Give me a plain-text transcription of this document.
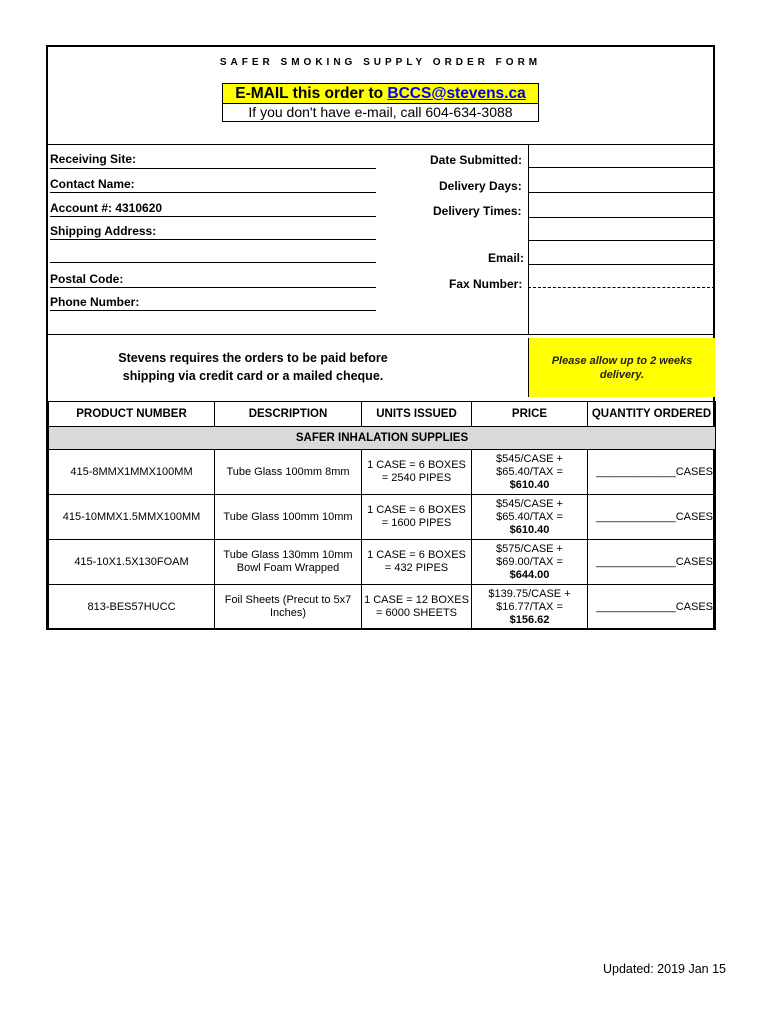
SAFER SMOKING SUPPLY ORDER FORM
E-MAIL this order to BCCS@stevens.ca
If you don't have e-mail, call 604-634-3088
Receiving Site:
Contact Name:
Account #: 4310620
Shipping Address:
Postal Code:
Phone Number:
Date Submitted:
Delivery Days:
Delivery Times:
Email:
Fax Number:
Stevens requires the orders to be paid before shipping via credit card or a mailed cheque.
Please allow up to 2 weeks delivery.
PRODUCT NUMBER	DESCRIPTION	UNITS ISSUED	PRICE	QUANTITY ORDERED
SAFER INHALATION SUPPLIES				
415-8MMX1MMX100MM	Tube Glass 100mm 8mm	1 CASE = 6 BOXES = 2540 PIPES	$545/CASE + $65.40/TAX =
$610.40	_____________CASES
415-10MMX1.5MMX100MM	Tube Glass 100mm 10mm	1 CASE = 6 BOXES = 1600 PIPES	$545/CASE + $65.40/TAX =
$610.40	_____________CASES
415-10X1.5X130FOAM	Tube Glass 130mm 10mm Bowl Foam Wrapped	1 CASE = 6 BOXES = 432 PIPES	$575/CASE + $69.00/TAX =
$644.00	_____________CASES
813-BES57HUCC	Foil Sheets (Precut to 5x7 Inches)	1 CASE = 12 BOXES = 6000 SHEETS	$139.75/CASE + $16.77/TAX =
$156.62	_____________CASES
Updated: 2019 Jan 15
